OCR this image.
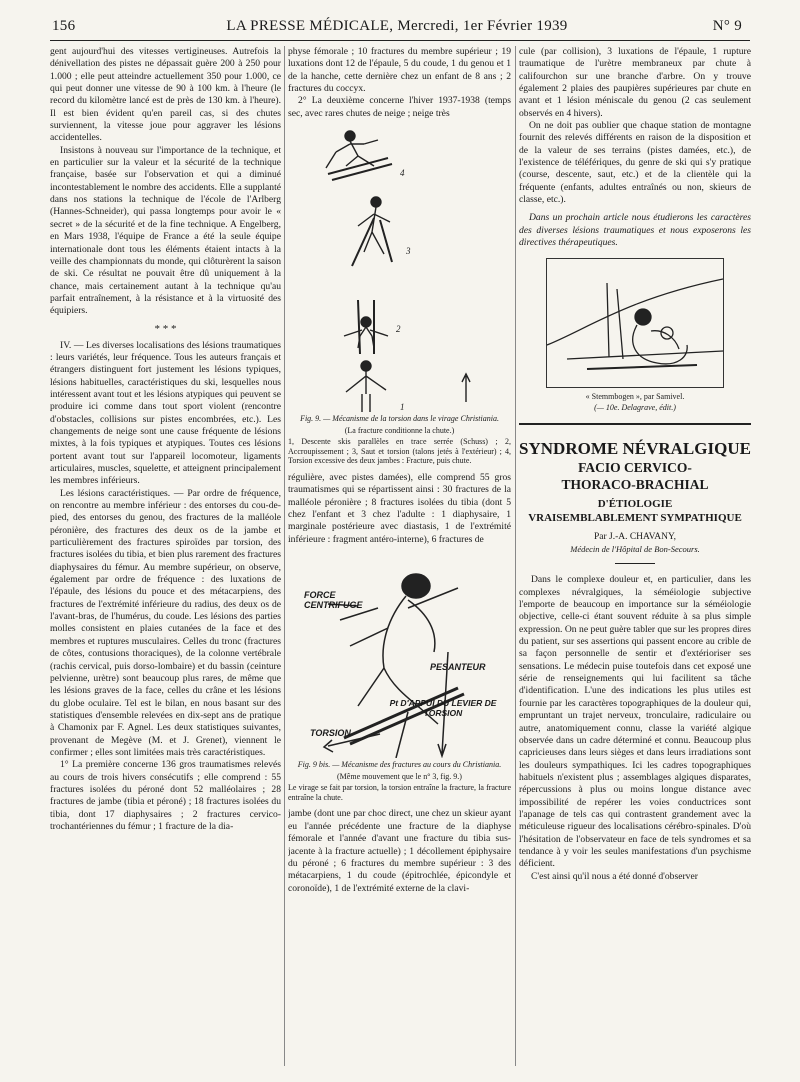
156	LA PRESSE MÉDICALE, Mercredi, 1er Février 1939	N° 9

gent aujourd'hui des vitesses vertigineuses. Autrefois la dénivellation des pistes ne dépassait guère 200 à 250 pour 1.000 ; elle peut atteindre actuellement 350 pour 1.000, ce qui peut donner une vitesse de 90 à 100 km. à l'heure (le record du kilomètre lancé est de près de 130 km. à l'heure). Il est bien évident qu'en pareil cas, si des chutes surviennent, la vitesse joue pour aggraver les lésions accidentelles.

Insistons à nouveau sur l'importance de la technique, et en particulier sur la valeur et la sécurité de la technique française, basée sur l'observation et qui a diminué incontestablement le nombre des accidents. Elle a supplanté dans nos stations la technique de l'école de l'Arlberg (Hannes-Schneider), qui passa longtemps pour avoir le « secret » de la sécurité et de la fine technique. A Engelberg, en Mars 1938, l'équipe de France a été la seule équipe internationale dont tous les éléments étaient intacts à la veille des championnats du monde, qui clôturèrent la saison de ski. Ce résultat ne pouvait être dû uniquement à la chance, mais certainement autant à la technique qu'au parfait entraînement, à la résistance et à la virtuosité des équipiers.

* * *

IV. — Les diverses localisations des lésions traumatiques : leurs variétés, leur fréquence. Tous les auteurs français et étrangers distinguent fort justement les lésions typiques, lésions habituelles, caractéristiques du ski, lesquelles nous intéressent avant tout et les lésions atypiques qui peuvent se produire ici comme dans tout sport violent (rencontre d'obstacles, collisions sur pistes encombrées, etc.). Les changements de neige sont une cause fréquente de lésions mixtes, à la fois typiques et atypiques. Toutes ces lésions portent avant tout sur l'appareil locomoteur, ligaments articulaires, muscles, squelette, et atteignent principalement les membres inférieurs.

Les lésions caractéristiques. — Par ordre de fréquence, on rencontre au membre inférieur : des entorses du cou-de-pied, des entorses du genou, des fractures de la malléole péronière, des fractures des deux os de la jambe et particulièrement des fractures spiroïdes par torsion, des fractures isolées du tibia, et bien plus rarement des fractures diaphysaires du fémur. Au membre supérieur, on observe, également par ordre de fréquence : des luxations de l'épaule, des lésions du pouce et des métacarpiens, des fractures de l'extrémité inférieure du radius, des deux os de l'avant-bras, de l'humérus, du coude. Les lésions des parties molles consistent en plaies cutanées de la face et des membres et ruptures musculaires. Celles du tronc (fractures de côtes, contusions thoraciques), de la colonne vertébrale (rachis cervical, puis dorso-lombaire) et du bassin (ceinture pelvienne, urètre) sont beaucoup plus rares, de même que les lésions graves de la face, celles du crâne et les lésions du globe oculaire. Tel est le bilan, en nous basant sur des statistiques d'ensemble relevées en dix-sept ans de pratique à Chamonix par F. Agnel. Les deux statistiques suivantes, provenant de Megève (M. et J. Grenet), viennent le confirmer ; elles sont limitées mais très caractéristiques.

1° La première concerne 136 gros traumatismes relevés au cours de trois hivers consécutifs ; elle comprend : 55 fractures isolées du péroné dont 52 malléolaires ; 28 fractures de jambe (tibia et péroné) ; 18 fractures isolées du tibia, dont 17 diaphysaires ; 2 fractures cervico-trochantériennes du fémur ; 1 fracture de la dia-

physe fémorale ; 10 fractures du membre supérieur ; 19 luxations dont 12 de l'épaule, 5 du coude, 1 du genou et 1 de la hanche, cette dernière chez un enfant de 8 ans ; 2 fractures du coccyx.

2° La deuxième concerne l'hiver 1937-1938 (temps sec, avec rares chutes de neige ; neige très

4
3
2
1
Fig. 9. — Mécanisme de la torsion dans le virage Christiania.
(La fracture conditionne la chute.)
1, Descente skis parallèles en trace serrée (Schuss) ; 2, Accroupissement ; 3, Saut et torsion (talons jetés à l'extérieur) ; 4, Torsion excessive des deux jambes : Fracture, puis chute.

régulière, avec pistes damées), elle comprend 55 gros traumatismes qui se répartissent ainsi : 30 fractures de la malléole péronière ; 8 fractures isolées du tibia (dont 5 chez l'enfant et 3 chez l'adulte : 1 diaphysaire, 1 marginale postérieure avec diastasis, 1 de l'extrémité inférieure : fragment antéro-interne), 6 fractures de

FORCE CENTRIFUGE
PESANTEUR
TORSION
Pt D'APPUI DU LEVIER DE TORSION
Fig. 9 bis. — Mécanisme des fractures au cours du Christiania.
(Même mouvement que le n° 3, fig. 9.)
Le virage se fait par torsion, la torsion entraîne la fracture, la fracture entraîne la chute.

jambe (dont une par choc direct, une chez un skieur ayant eu l'année précédente une fracture de la diaphyse fémorale et l'année d'avant une fracture du tibia sus-jacente à la fracture actuelle) ; 1 décollement épiphysaire du péroné ; 6 fractures du membre supérieur : 3 des métacarpiens, 1 du coude (épitrochlée, épicondyle et coronoïde), 1 de l'extrémité externe de la clavi-

cule (par collision), 3 luxations de l'épaule, 1 rupture traumatique de l'urètre membraneux par chute à califourchon sur une branche d'arbre. On y trouve également 2 plaies des paupières supérieures par chute en avant et 1 lésion méniscale du genou (2 cas seulement observés en 4 hivers).

On ne doit pas oublier que chaque station de montagne fournit des relevés différents en raison de la disposition et de la valeur de ses terrains (pistes damées, etc.), de l'existence de téléfériques, du genre de ski qui s'y pratique (course, descente, saut, etc.) et de la clientèle qui la fréquente (enfants, adultes entraînés ou non, skieurs de classe, etc.).

Dans un prochain article nous étudierons les caractères des diverses lésions traumatiques et nous exposerons les directives thérapeutiques.

« Stemmbogen », par Samivel.
(— 10e. Delagrave, édit.)
SYNDROME NÉVRALGIQUE
FACIO CERVICO-
THORACO-BRACHIAL
D'ÉTIOLOGIE
VRAISEMBLABLEMENT SYMPATHIQUE
Par J.-A. CHAVANY,
Médecin de l'Hôpital de Bon-Secours.

Dans le complexe douleur et, en particulier, dans les complexes névralgiques, la séméiologie subjective l'emporte de beaucoup en importance sur la séméiologie objective, celle-ci étant souvent réduite à sa plus simple expression. On ne peut guère tabler que sur les propres dires du patient, sur ses assertions qui passent encore au crible de sa façon personnelle de sentir et d'extérioriser ses sensations. Le médecin puise toutefois dans cet exposé une série de renseignements qui lui facilitent sa tâche d'identification. L'une des indications les plus utiles est fournie par les caractères topographiques de la douleur qui, empruntant un trajet nerveux, tronculaire, radiculaire ou autre, anatomiquement connu, classe la variété algique observée dans un cadre déterminé et connu. Beaucoup plus capricieuses dans leurs sièges et dans leurs irradiations sont les douleurs sympathiques. Ici les cadres topographiques habituels n'existent plus ; assemblages algiques disparates, répercussions à plus ou moins longue distance avec impossibilité de repérer les voies conductrices sont l'apanage de tels cas qui contrastent grandement avec la méticuleuse rigueur des localisations cérébro-spinales. D'où l'hésitation de l'observateur en face de tels syndromes et sa tendance à y voir les seules manifestations d'un psychisme déficient.

C'est ainsi qu'il nous a été donné d'observer
